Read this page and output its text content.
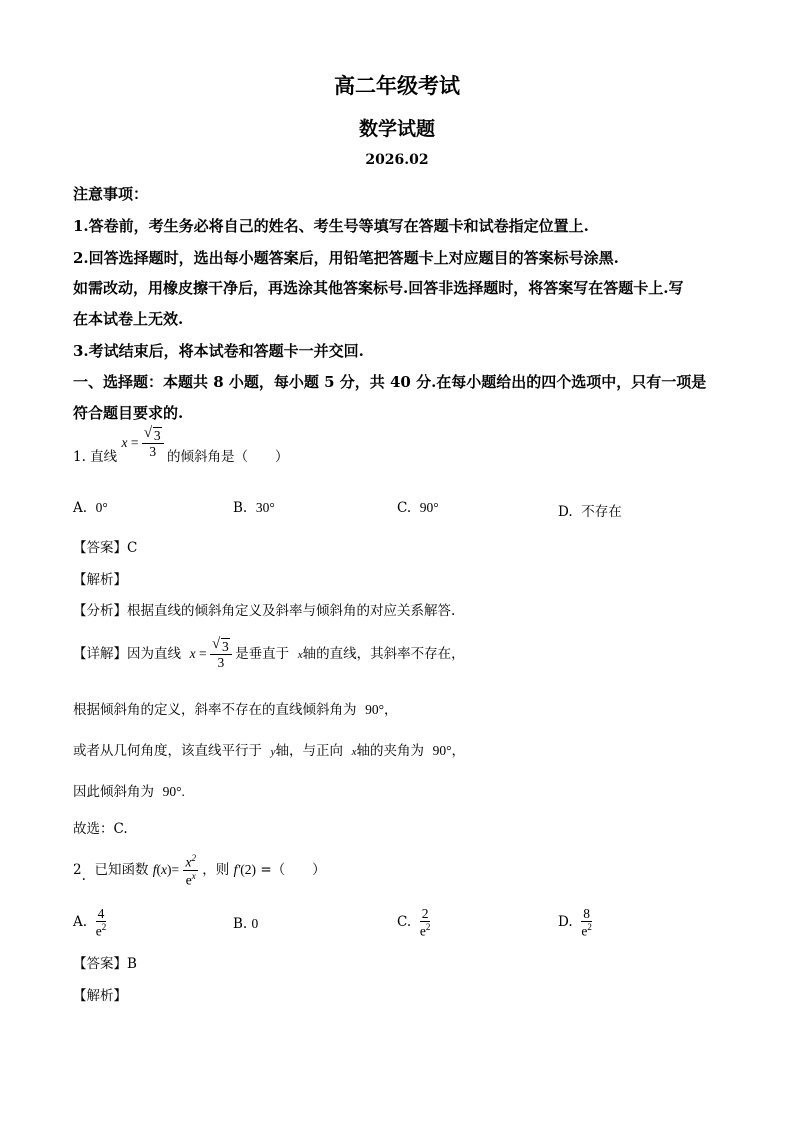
高二年级考试
数学试题
2026.02
注意事项：
1.答卷前，考生务必将自己的姓名、考生号等填写在答题卡和试卷指定位置上.
2.回答选择题时，选出每小题答案后，用铅笔把答题卡上对应题目的答案标号涂黑.
如需改动，用橡皮擦干净后，再选涂其他答案标号.回答非选择题时，将答案写在答题卡上.写
在本试卷上无效.
3.考试结束后，将本试卷和答题卡一并交回.
一、选择题：本题共 8 小题，每小题 5 分，共 40 分.在每小题给出的四个选项中，只有一项是
符合题目要求的.
1. 直线 $x = \frac{√ 3}{3}$ 的倾斜角是（　　）
A. 0°	B. 30°	C. 90°	D. 不存在
【答案】C
【解析】
【分析】根据直线的倾斜角定义及斜率与倾斜角的对应关系解答.
【详解】因为直线 $x = \frac{√ 3}{3}$ 是垂直于 x轴的直线，其斜率不存在，
根据倾斜角的定义，斜率不存在的直线倾斜角为 90°，
或者从几何角度，该直线平行于 y轴，与正向 x轴的夹角为 90°，
因此倾斜角为 90°.
故选：C.
2. 已知函数 $f(x)= \frac{x^2}{e^x}$ ，则 f′(2) =（　　）
A. $\frac{4}{e^2}$	B. 0	C. $\frac{2}{e^2}$	D. $\frac{8}{e^2}$
【答案】B
【解析】
